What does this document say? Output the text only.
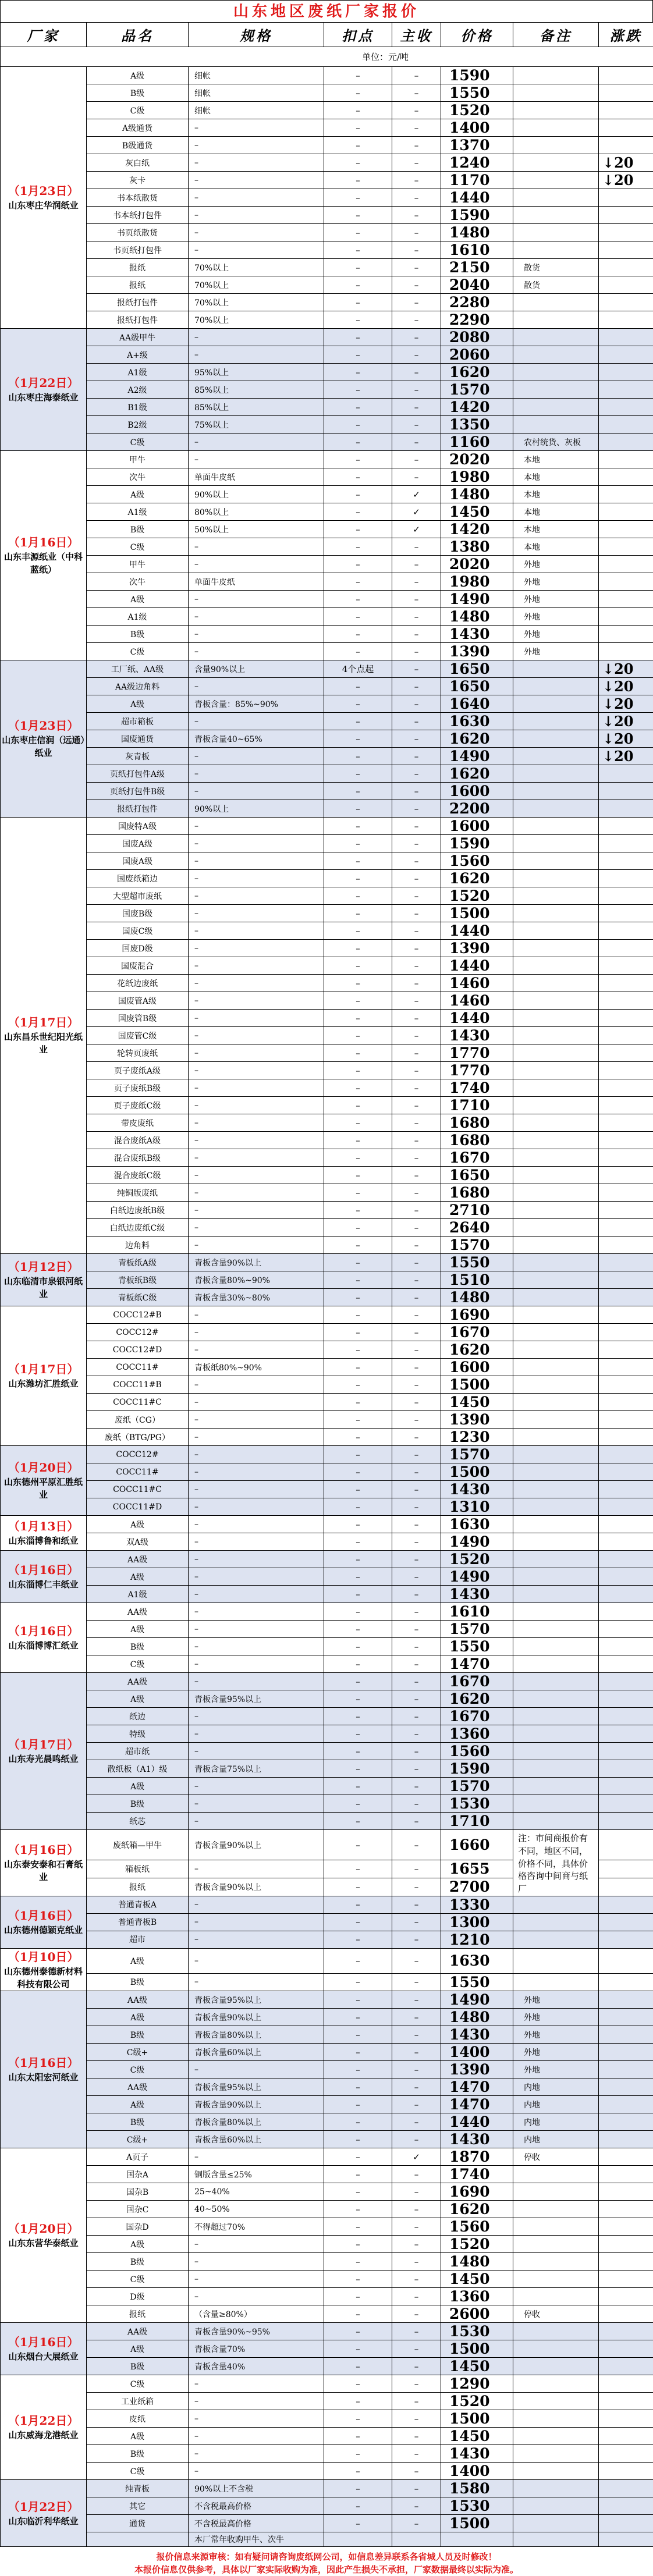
山东地区废纸厂家报价
厂家	品名	规格	扣点	主收	价格	备注	涨跌
单位：元/吨							

（1月23日）
山东枣庄华润纸业	A级	细帐	–	–	1590		
	B级	细帐	–	–	1550		
	C级	细帐	–	–	1520		
	A级通货	–	–	–	1400		
	B级通货	–	–	–	1370		
	灰白纸	–	–	–	1240		↓20
	灰卡	–	–	–	1170		↓20
	书本纸散货	–	–	–	1440		
	书本纸打包件	–	–	–	1590		
	书页纸散货	–	–	–	1480		
	书页纸打包件	–	–	–	1610		
	报纸	70%以上	–	–	2150	散货	
	报纸	70%以上	–	–	2040	散货	
	报纸打包件	70%以上	–	–	2280		
	报纸打包件	70%以上	–	–	2290		

（1月22日）
山东枣庄海泰纸业	AA级甲牛	–	–	–	2080		
	A+级	–	–	–	2060		
	A1级	95%以上	–	–	1620		
	A2级	85%以上	–	–	1570		
	B1级	85%以上	–	–	1420		
	B2级	75%以上	–	–	1350		
	C级	–	–	–	1160	农村统货、灰板	

（1月16日）
山东丰源纸业（中科蓝纸）	甲牛	–	–	–	2020	本地	
	次牛	单面牛皮纸	–	–	1980	本地	
	A级	90%以上	–	✓	1480	本地	
	A1级	80%以上	–	✓	1450	本地	
	B级	50%以上	–	✓	1420	本地	
	C级	–	–	–	1380	本地	
	甲牛	–	–	–	2020	外地	
	次牛	单面牛皮纸	–	–	1980	外地	
	A级	–	–	–	1490	外地	
	A1级	–	–	–	1480	外地	
	B级	–	–	–	1430	外地	
	C级	–	–	–	1390	外地	

（1月23日）
山东枣庄信润（远通）纸业	工厂纸、AA级	含量90%以上	4个点起	–	1650		↓20
	AA级边角料	–	–	–	1650		↓20
	A级	青板含量：85%~90%	–	–	1640		↓20
	超市箱板	–	–	–	1630		↓20
	国废通货	青板含量40~65%	–	–	1620		↓20
	灰青板	–	–	–	1490		↓20
	页纸打包件A级	–	–	–	1620		
	页纸打包件B级	–	–	–	1600		
	报纸打包件	90%以上	–	–	2200		

（1月17日）
山东昌乐世纪阳光纸业	国废特A级	–	–	–	1600		
	国废A级	–	–	–	1590		
	国废A级	–	–	–	1560		
	国废纸箱边	–	–	–	1620		
	大型超市废纸	–	–	–	1520		
	国废B级	–	–	–	1500		
	国废C级	–	–	–	1440		
	国废D级	–	–	–	1390		
	国废混合	–	–	–	1440		
	花纸边废纸	–	–	–	1460		
	国废管A级	–	–	–	1460		
	国废管B级	–	–	–	1440		
	国废管C级	–	–	–	1430		
	轮转页废纸	–	–	–	1770		
	页子废纸A级	–	–	–	1770		
	页子废纸B级	–	–	–	1740		
	页子废纸C级	–	–	–	1710		
	带皮废纸	–	–	–	1680		
	混合废纸A级	–	–	–	1680		
	混合废纸B级	–	–	–	1670		
	混合废纸C级	–	–	–	1650		
	纯铜版废纸	–	–	–	1680		
	白纸边废纸B级	–	–	–	2710		
	白纸边废纸C级	–	–	–	2640		
	边角料	–	–	–	1570		

（1月12日）
山东临清市泉银河纸业	青板纸A级	青板含量90%以上	–	–	1550		
	青板纸B级	青板含量80%~90%	–	–	1510		
	青板纸C级	青板含量30%~80%	–	–	1480		

（1月17日）
山东潍坊汇胜纸业	COCC12#B	–	–	–	1690		
	COCC12#	–	–	–	1670		
	COCC12#D	–	–	–	1620		
	COCC11#	青板纸80%~90%	–	–	1600		
	COCC11#B	–	–	–	1500		
	COCC11#C	–	–	–	1450		
	废纸（CG）	–	–	–	1390		
	废纸（BTG/PG）	–	–	–	1230		

（1月20日）
山东德州平原汇胜纸业	COCC12#	–	–	–	1570		
	COCC11#	–	–	–	1500		
	COCC11#C	–	–	–	1430		
	COCC11#D	–	–	–	1310		

（1月13日）
山东淄博鲁和纸业	A级	–	–	–	1630		
	双A级	–	–	–	1490		

（1月16日）
山东淄博仁丰纸业	AA级	–	–	–	1520		
	A级	–	–	–	1490		
	A1级	–	–	–	1430		

（1月16日）
山东淄博博汇纸业	AA级	–	–	–	1610		
	A级	–	–	–	1570		
	B级	–	–	–	1550		
	C级	–	–	–	1470		

（1月17日）
山东寿光晨鸣纸业	AA级	–	–	–	1670		
	A级	青板含量95%以上	–	–	1620		
	纸边	–	–	–	1670		
	特级	–	–	–	1360		
	超市纸	–	–	–	1560		
	散纸板（A1）级	青板含量75%以上	–	–	1590		
	A级	–	–	–	1570		
	B级	–	–	–	1530		
	纸芯	–	–	–	1710		

（1月16日）
山东泰安泰和石膏纸业	废纸箱—甲牛	青板含量90%以上	–	–	1660	注：市间商报价有不同，地区不同，价格不同，具体价格咨询中间商与纸厂	
	箱板纸	–	–	–	1655		
	报纸	青板含量90%以上	–	–	2700		

（1月16日）
山东德州德颖克纸业	普通青板A	–	–	–	1330		
	普通青板B	–	–	–	1300		
	超市	–	–	–	1210		

（1月10日）
山东德州泰德新材料科技有限公司	A级	–	–	–	1630		
	B级	–	–	–	1550		

（1月16日）
山东太阳宏河纸业	AA级	青板含量95%以上	–	–	1490	外地	
	A级	青板含量90%以上	–	–	1480	外地	
	B级	青板含量80%以上	–	–	1430	外地	
	C级+	青板含量60%以上	–	–	1400	外地	
	C级	–	–	–	1390	外地	
	AA级	青板含量95%以上	–	–	1470	内地	
	A级	青板含量90%以上	–	–	1470	内地	
	B级	青板含量80%以上	–	–	1440	内地	
	C级+	青板含量60%以上	–	–	1430	内地	

（1月20日）
山东东营华泰纸业	A页子	–	–	✓	1870	停收	
	国杂A	铜版含量≤25%	–	–	1740		
	国杂B	25~40%	–	–	1690		
	国杂C	40~50%	–	–	1620		
	国杂D	不得超过70%	–	–	1560		
	A级	–	–	–	1520		
	B级	–	–	–	1480		
	C级	–	–	–	1450		
	D级	–	–	–	1360		
	报纸	（含量≥80%）	–	–	2600	停收	

（1月16日）
山东烟台大展纸业	AA级	青板含量90%~95%	–	–	1530		
	A级	青板含量70%	–	–	1500		
	B级	青板含量40%	–	–	1450		

（1月22日）
山东威海龙港纸业	C级	–	–	–	1290		
	工业纸箱	–	–	–	1520		
	皮纸	–	–	–	1500		
	A级	–	–	–	1450		
	B级	–	–	–	1430		
	C级	–	–	–	1400		

（1月22日）
山东临沂利华纸业	纯青板	90%以上不含税	–	–	1580		
	其它	不含税最高价格	–	–	1530		
	通货	不含税最高价格	–	–	1500		
		本厂常年收购甲牛、次牛					
报价信息来源审核：如有疑问请咨询废纸网公司，如信息差异联系各省城人员及时修改！
本报价信息仅供参考，具体以厂家实际收购为准，因此产生损失不承担，厂家数据最终以实际为准。
